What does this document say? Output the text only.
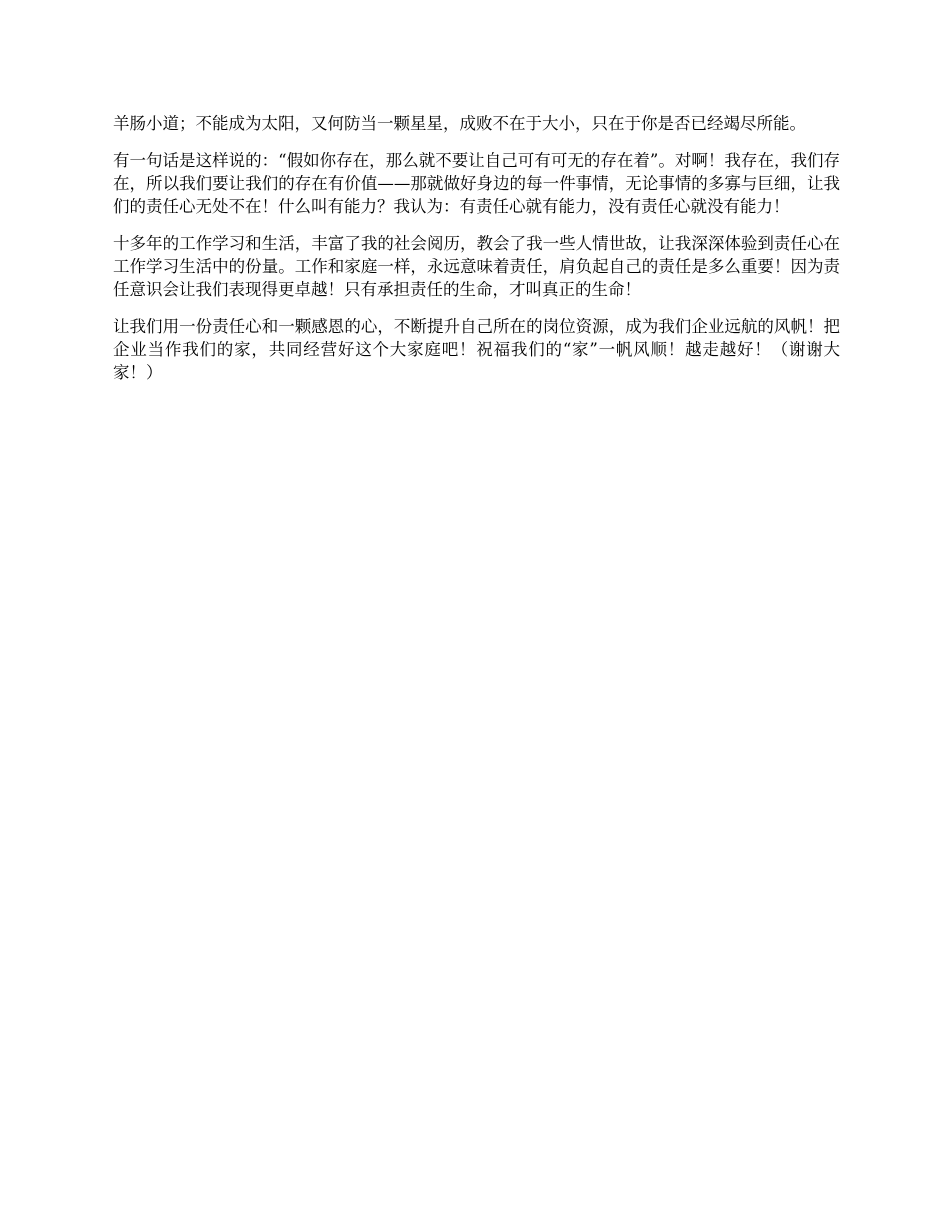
羊肠小道；不能成为太阳，又何防当一颗星星，成败不在于大小，只在于你是否已经竭尽所能。

有一句话是这样说的：“假如你存在，那么就不要让自己可有可无的存在着”。对啊！我存在，我们存在，所以我们要让我们的存在有价值——那就做好身边的每一件事情，无论事情的多寡与巨细，让我们的责任心无处不在！什么叫有能力？我认为：有责任心就有能力，没有责任心就没有能力！

十多年的工作学习和生活，丰富了我的社会阅历，教会了我一些人情世故，让我深深体验到责任心在工作学习生活中的份量。工作和家庭一样，永远意味着责任，肩负起自己的责任是多么重要！因为责任意识会让我们表现得更卓越！只有承担责任的生命，才叫真正的生命！

让我们用一份责任心和一颗感恩的心，不断提升自己所在的岗位资源，成为我们企业远航的风帆！把企业当作我们的家，共同经营好这个大家庭吧！祝福我们的“家”一帆风顺！越走越好！（谢谢大家！）
